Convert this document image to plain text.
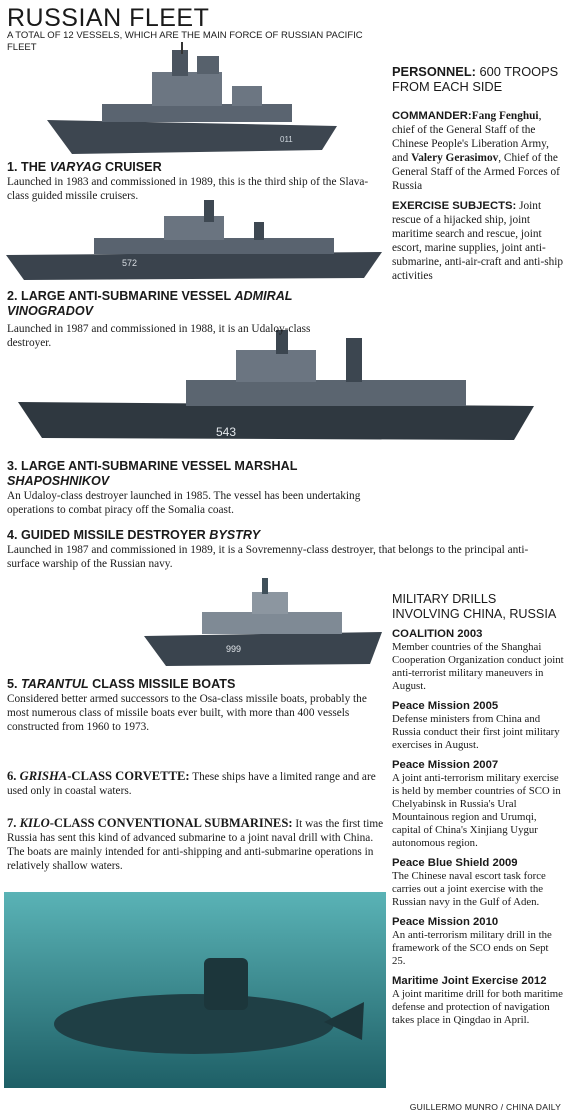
RUSSIAN FLEET
A TOTAL OF 12 VESSELS, WHICH ARE THE MAIN FORCE OF RUSSIAN PACIFIC FLEET
011
572
543
999
1. THE VARYAG CRUISER
Launched in 1983 and commissioned in 1989, this is the third ship of the Slava-class guided missile cruisers.
2. LARGE ANTI-SUBMARINE VESSEL ADMIRAL VINOGRADOV
Launched in 1987 and commissioned in 1988, it is an Udaloy-class destroyer.
3. LARGE ANTI-SUBMARINE VESSEL MARSHAL SHAPOSHNIKOV
An Udaloy-class destroyer launched in 1985. The vessel has been undertaking operations to combat piracy off the Somalia coast.
4. GUIDED MISSILE DESTROYER BYSTRY
Launched in 1987 and commissioned in 1989, it is a Sovremenny-class destroyer, that belongs to the principal anti-surface warship of the Russian navy.
5. TARANTUL CLASS MISSILE BOATS
Considered better armed successors to the Osa-class missile boats, probably the most numerous class of missile boats ever built, with more than 400 vessels constructed from 1960 to 1973.
6. GRISHA-CLASS CORVETTE: These ships have a limited range and are used only in coastal waters.
7. KILO-CLASS CONVENTIONAL SUBMARINES: It was the first time Russia has sent this kind of advanced submarine to a joint naval drill with China. The boats are mainly intended for anti-shipping and anti-submarine operations in relatively shallow waters.
PERSONNEL: 600 TROOPS FROM EACH SIDE
COMMANDER:Fang Fenghui, chief of the General Staff of the Chinese People's Liberation Army, and Valery Gerasimov, Chief of the General Staff of the Armed Forces of Russia
EXERCISE SUBJECTS: Joint rescue of a hijacked ship, joint maritime search and rescue, joint escort, marine supplies, joint anti-submarine, anti-air-craft and anti-ship activities
MILITARY DRILLS INVOLVING CHINA, RUSSIA
COALITION 2003
Member countries of the Shanghai Cooperation Organization conduct joint anti-terrorist military maneuvers in August.
Peace Mission 2005
Defense ministers from China and Russia conduct their first joint military exercises in August.
Peace Mission 2007
A joint anti-terrorism military exercise is held by member countries of SCO in Chelyabinsk in Russia's Ural Mountainous region and Urumqi, capital of China's Xinjiang Uygur autonomous region.
Peace Blue Shield 2009
The Chinese naval escort task force carries out a joint exercise with the Russian navy in the Gulf of Aden.
Peace Mission 2010
An anti-terrorism military drill in the framework of the SCO ends on Sept 25.
Maritime Joint Exercise 2012
A joint maritime drill for both maritime defense and protection of navigation takes place in Qingdao in April.
GUILLERMO MUNRO / CHINA DAILY
